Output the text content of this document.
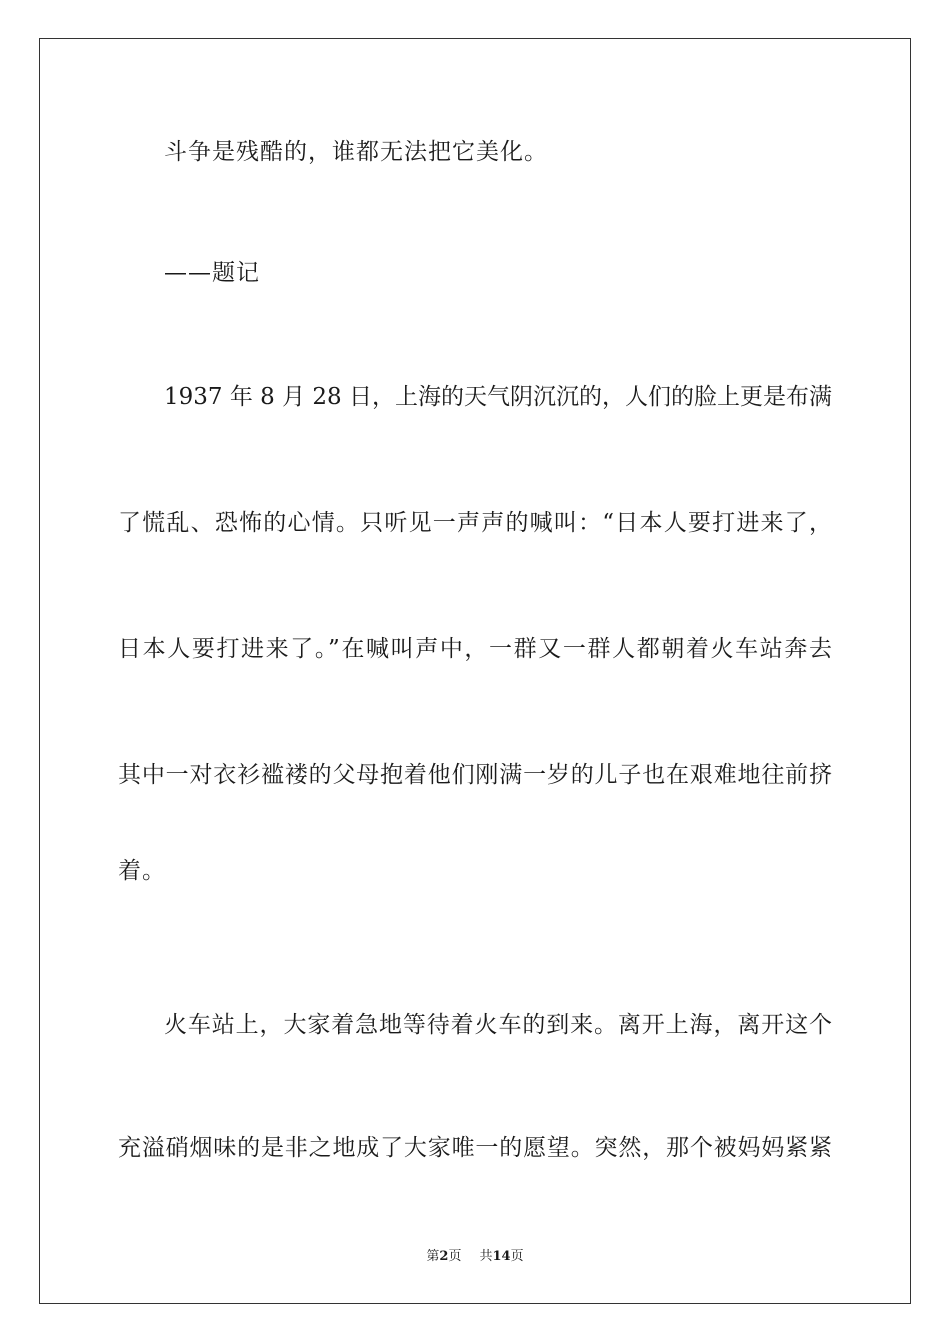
斗争是残酷的，谁都无法把它美化。
——题记
1937 年 8 月 28 日，上海的天气阴沉沉的，人们的脸上更是布满
了慌乱、恐怖的心情。只听见一声声的喊叫：“日本人要打进来了，
日本人要打进来了。”在喊叫声中，一群又一群人都朝着火车站奔去
其中一对衣衫褴褛的父母抱着他们刚满一岁的儿子也在艰难地往前挤
着。
火车站上，大家着急地等待着火车的到来。离开上海，离开这个
充溢硝烟味的是非之地成了大家唯一的愿望。突然，那个被妈妈紧紧
第2页 共14页
